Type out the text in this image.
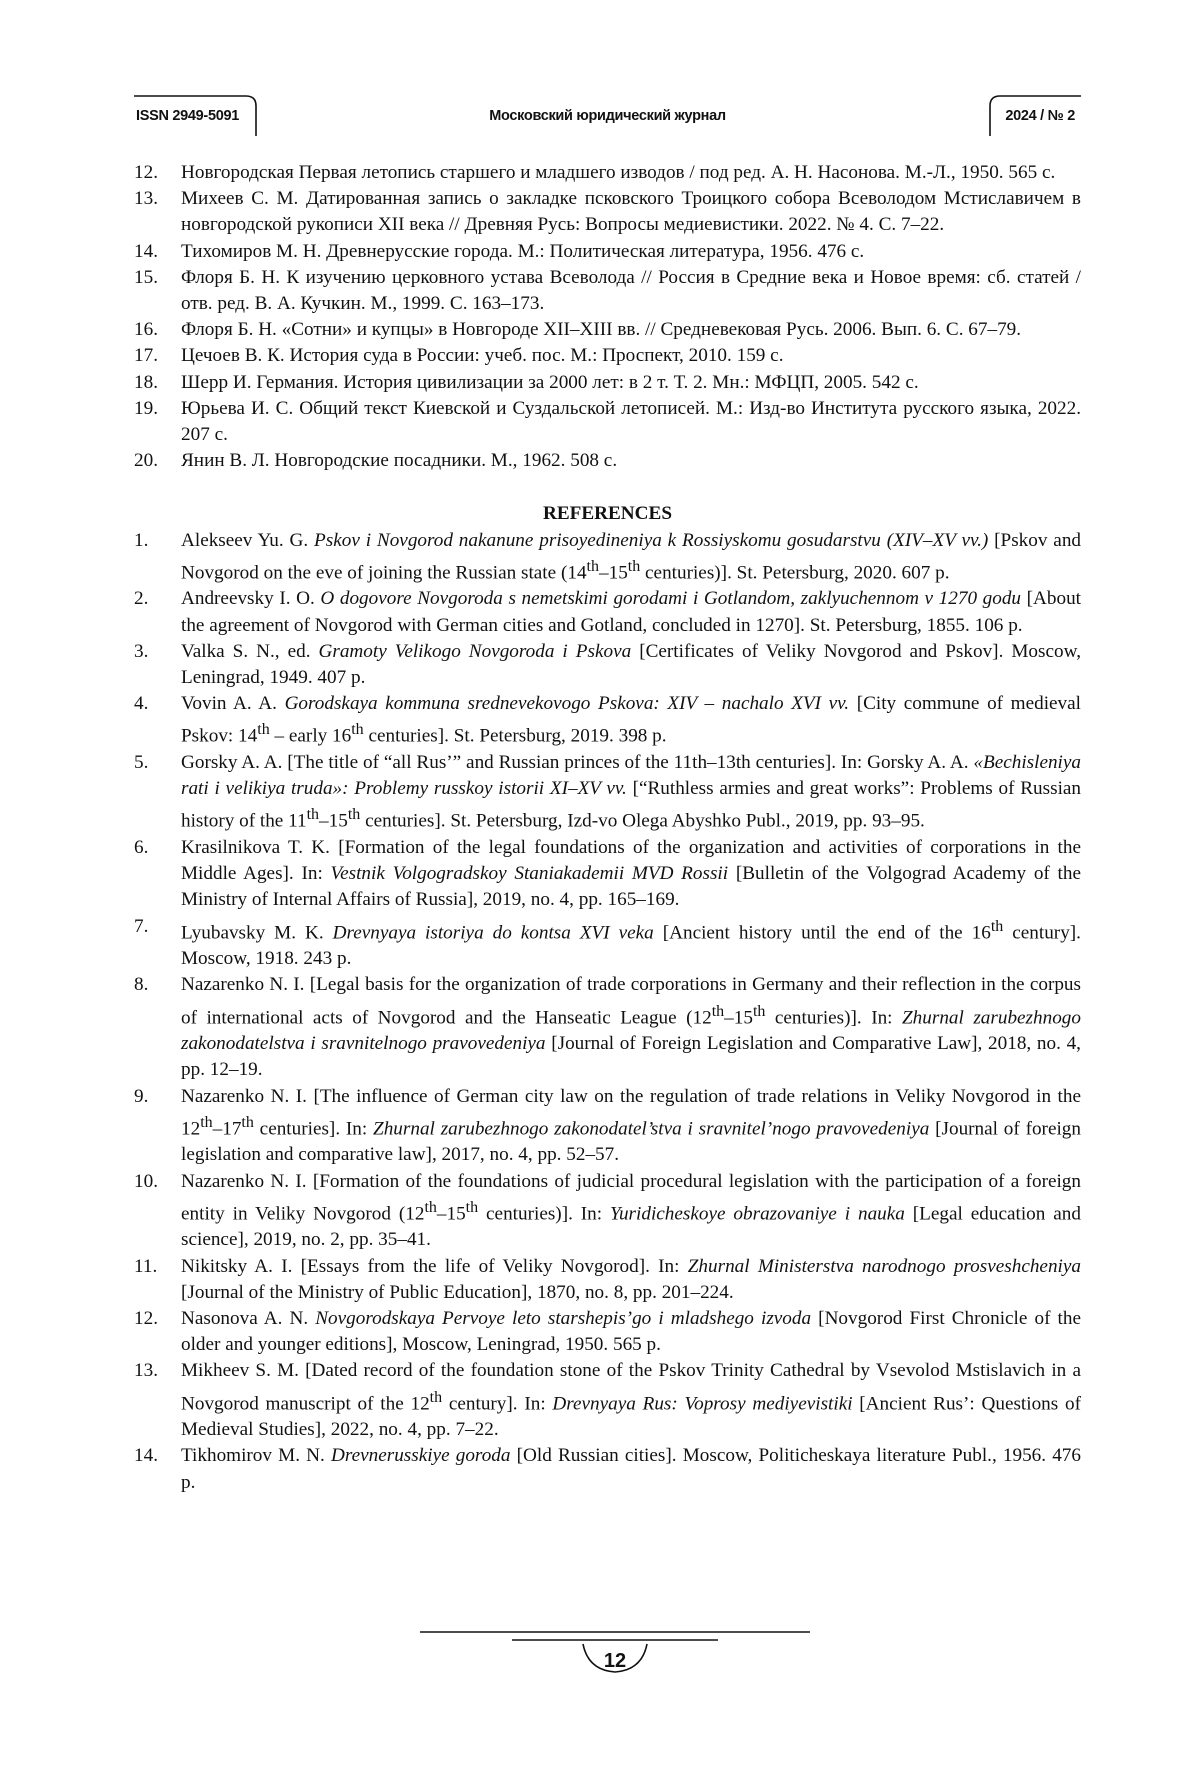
ISSN 2949-5091	Московский юридический журнал	2024 / № 2
12.	Новгородская Первая летопись старшего и младшего изводов / под ред. А. Н. Насонова. М.-Л., 1950. 565 с.
13.	Михеев С. М. Датированная запись о закладке псковского Троицкого собора Всеволодом Мстиславичем в новгородской рукописи XII века // Древняя Русь: Вопросы медиевистики. 2022. № 4. С. 7–22.
14.	Тихомиров М. Н. Древнерусские города. М.: Политическая литература, 1956. 476 с.
15.	Флоря Б. Н. К изучению церковного устава Всеволода // Россия в Средние века и Новое время: сб. статей / отв. ред. В. А. Кучкин. М., 1999. С. 163–173.
16.	Флоря Б. Н. «Сотни» и купцы» в Новгороде XII–XIII вв. // Средневековая Русь. 2006. Вып. 6. С. 67–79.
17.	Цечоев В. К. История суда в России: учеб. пос. М.: Проспект, 2010. 159 с.
18.	Шерр И. Германия. История цивилизации за 2000 лет: в 2 т. Т. 2. Мн.: МФЦП, 2005. 542 с.
19.	Юрьева И. С. Общий текст Киевской и Суздальской летописей. М.: Изд-во Института русского языка, 2022. 207 с.
20.	Янин В. Л. Новгородские посадники. М., 1962. 508 с.
REFERENCES
1.	Alekseev Yu. G. Pskov i Novgorod nakanune prisoyedineniya k Rossiyskomu gosudarstvu (XIV–XV vv.) [Pskov and Novgorod on the eve of joining the Russian state (14th–15th centuries)]. St. Petersburg, 2020. 607 p.
2.	Andreevsky I. O. O dogovore Novgoroda s nemetskimi gorodami i Gotlandom, zaklyuchennom v 1270 godu [About the agreement of Novgorod with German cities and Gotland, concluded in 1270]. St. Petersburg, 1855. 106 p.
3.	Valka S. N., ed. Gramoty Velikogo Novgoroda i Pskova [Certificates of Veliky Novgorod and Pskov]. Moscow, Leningrad, 1949. 407 p.
4.	Vovin A. A. Gorodskaya kommuna srednevekovogo Pskova: XIV – nachalo XVI vv. [City commune of medieval Pskov: 14th – early 16th centuries]. St. Petersburg, 2019. 398 p.
5.	Gorsky A. A. [The title of “all Rus’” and Russian princes of the 11th–13th centuries]. In: Gorsky A. A. «Bechisleniya rati i velikiya truda»: Problemy russkoy istorii XI–XV vv. [“Ruthless armies and great works”: Problems of Russian history of the 11th–15th centuries]. St. Petersburg, Izd-vo Olega Abyshko Publ., 2019, pp. 93–95.
6.	Krasilnikova T. K. [Formation of the legal foundations of the organization and activities of corporations in the Middle Ages]. In: Vestnik Volgogradskoy Staniakademii MVD Rossii [Bulletin of the Volgograd Academy of the Ministry of Internal Affairs of Russia], 2019, no. 4, pp. 165–169.
7.	Lyubavsky M. K. Drevnyaya istoriya do kontsa XVI veka [Ancient history until the end of the 16th century]. Moscow, 1918. 243 p.
8.	Nazarenko N. I. [Legal basis for the organization of trade corporations in Germany and their reflection in the corpus of international acts of Novgorod and the Hanseatic League (12th–15th centuries)]. In: Zhurnal zarubezhnogo zakonodatelstva i sravnitelnogo pravovedeniya [Journal of Foreign Legislation and Comparative Law], 2018, no. 4, pp. 12–19.
9.	Nazarenko N. I. [The influence of German city law on the regulation of trade relations in Veliky Novgorod in the 12th–17th centuries]. In: Zhurnal zarubezhnogo zakonodatel’stva i sravnitel’nogo pravovedeniya [Journal of foreign legislation and comparative law], 2017, no. 4, pp. 52–57.
10.	Nazarenko N. I. [Formation of the foundations of judicial procedural legislation with the participation of a foreign entity in Veliky Novgorod (12th–15th centuries)]. In: Yuridicheskoye obrazovaniye i nauka [Legal education and science], 2019, no. 2, pp. 35–41.
11.	Nikitsky A. I. [Essays from the life of Veliky Novgorod]. In: Zhurnal Ministerstva narodnogo prosveshcheniya [Journal of the Ministry of Public Education], 1870, no. 8, pp. 201–224.
12.	Nasonova A. N. Novgorodskaya Pervoye leto starshepis’go i mladshego izvoda [Novgorod First Chronicle of the older and younger editions], Moscow, Leningrad, 1950. 565 p.
13.	Mikheev S. M. [Dated record of the foundation stone of the Pskov Trinity Cathedral by Vsevolod Mstislavich in a Novgorod manuscript of the 12th century]. In: Drevnyaya Rus: Voprosy mediyevistiki [Ancient Rus’: Questions of Medieval Studies], 2022, no. 4, pp. 7–22.
14.	Tikhomirov M. N. Drevnerusskiye goroda [Old Russian cities]. Moscow, Politicheskaya literature Publ., 1956. 476 p.
12
